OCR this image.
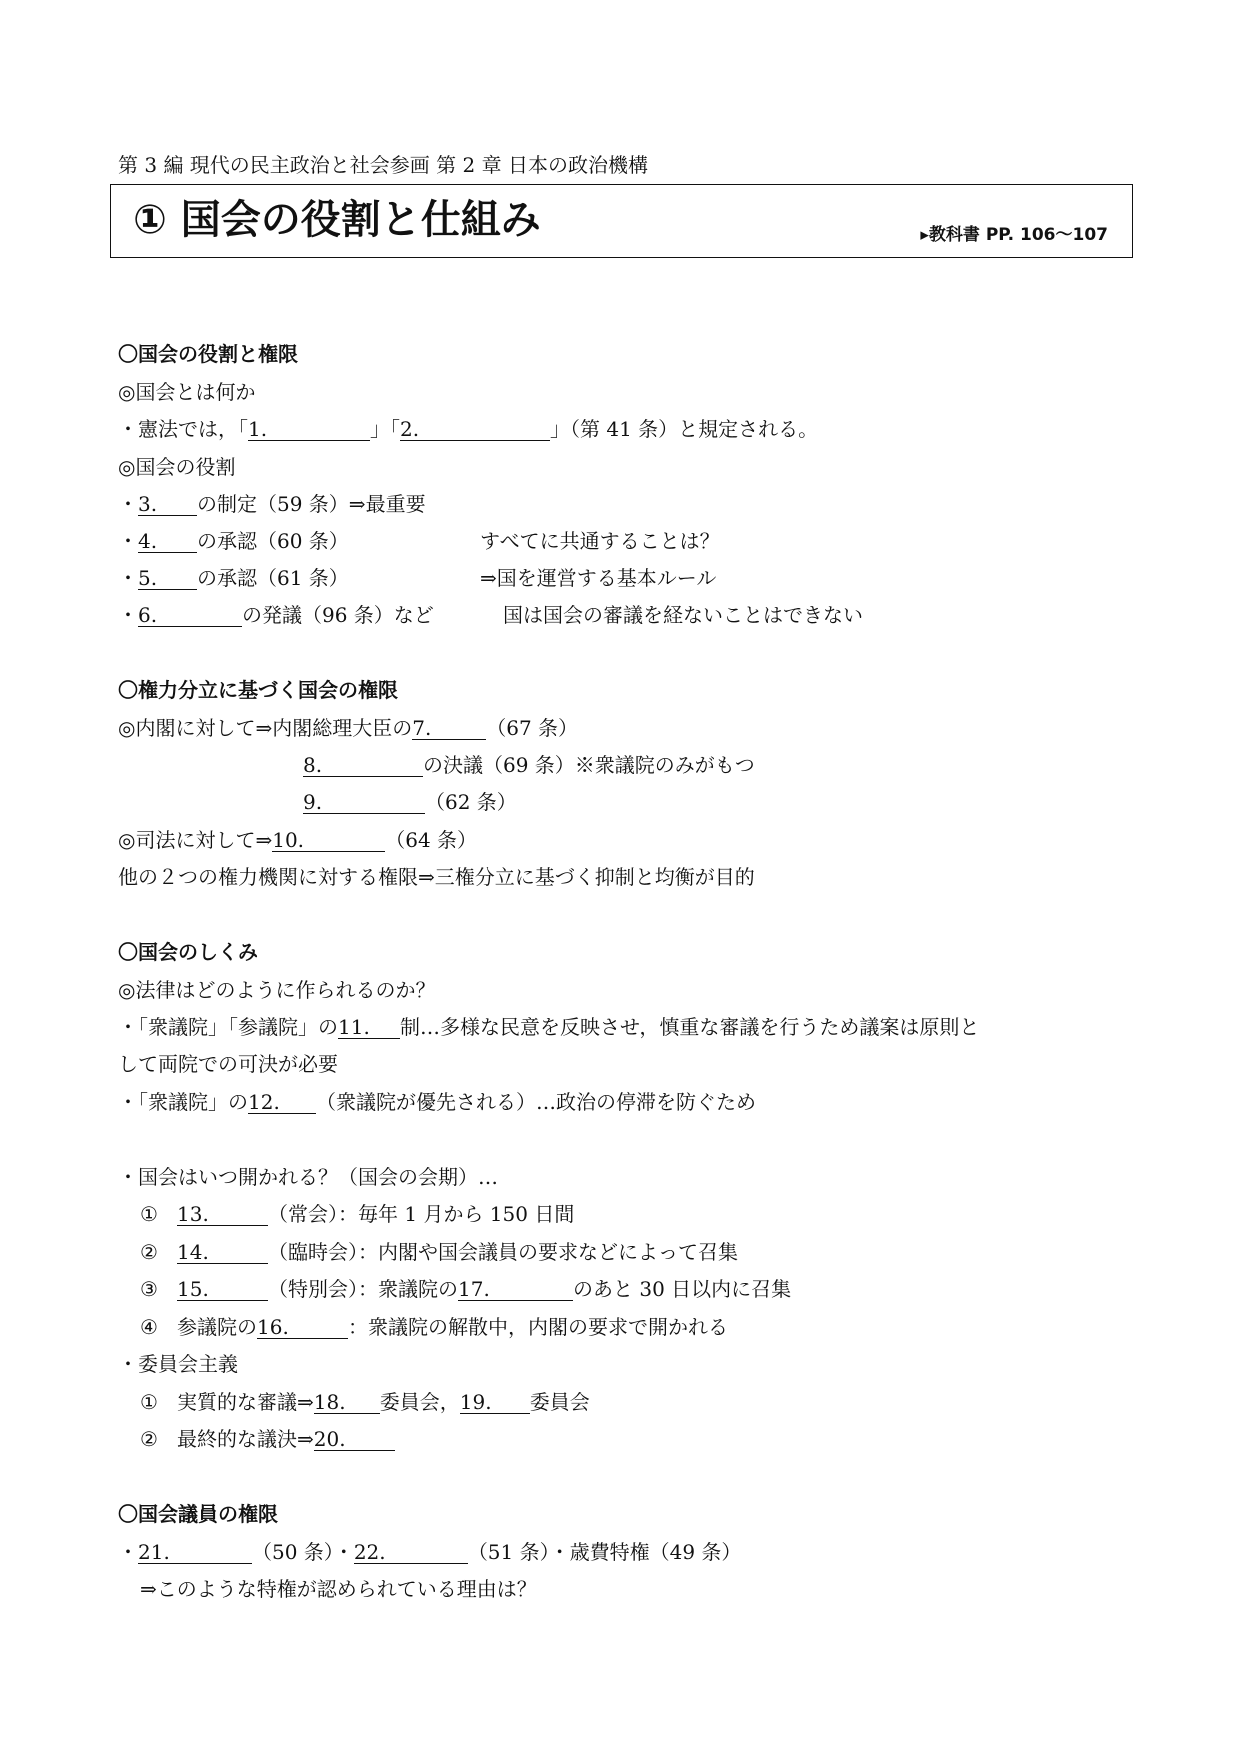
第 3 編 現代の民主政治と社会参画 第 2 章 日本の政治機構
① 国会の役割と仕組み	▸教科書 PP. 106〜107
〇国会の役割と権限
◎国会とは何か
・憲法では，「1.	」「2.	」（第 41 条）と規定される。
◎国会の役割
・3. の制定（59 条）⇒最重要
・4. の承認（60 条）	すべてに共通することは？
・5. の承認（61 条）	⇒国を運営する基本ルール
・6.	の発議（96 条）など	国は国会の審議を経ないことはできない
〇権力分立に基づく国会の権限
◎内閣に対して⇒内閣総理大臣の7.	（67 条）
8.	の決議（69 条）※衆議院のみがもつ
9.	（62 条）
◎司法に対して⇒10.	（64 条）
他の２つの権力機関に対する権限⇒三権分立に基づく抑制と均衡が目的
〇国会のしくみ
◎法律はどのように作られるのか？
・「衆議院」「参議院」の11. 制…多様な民意を反映させ，慎重な審議を行うため議案は原則と
して両院での可決が必要
・「衆議院」の12. （衆議院が優先される）…政治の停滞を防ぐため
・国会はいつ開かれる？（国会の会期）…
① 13.	（常会）：毎年 1 月から 150 日間
② 14.	（臨時会）：内閣や国会議員の要求などによって召集
③ 15.	（特別会）：衆議院の17.	のあと 30 日以内に召集
④ 参議院の16.	：衆議院の解散中，内閣の要求で開かれる
・委員会主義
① 実質的な審議⇒18. 委員会，19. 委員会
② 最終的な議決⇒20.
〇国会議員の権限
・21.	（50 条）・22.	（51 条）・歳費特権（49 条）
⇒このような特権が認められている理由は？
